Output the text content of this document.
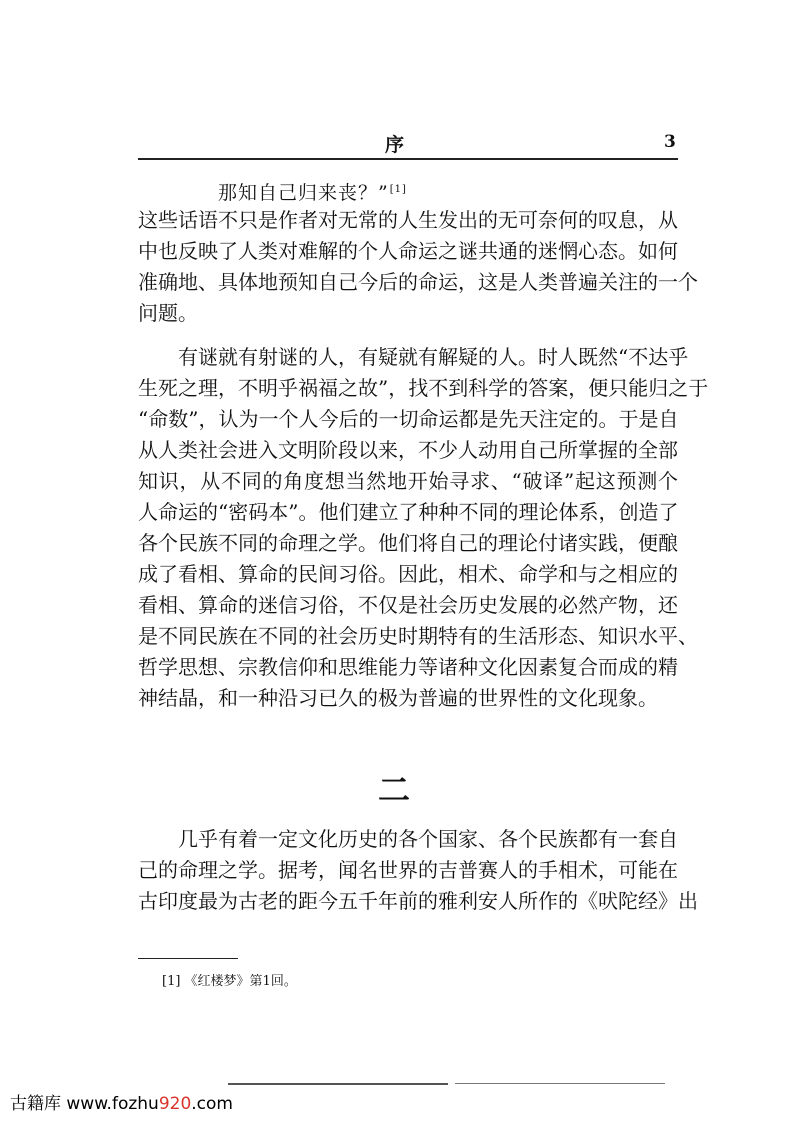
序	3
那知自己归来丧？”[1]
这些话语不只是作者对无常的人生发出的无可奈何的叹息，从
中也反映了人类对难解的个人命运之谜共通的迷惘心态。如何
准确地、具体地预知自己今后的命运，这是人类普遍关注的一个
问题。
有谜就有射谜的人，有疑就有解疑的人。时人既然“不达乎
生死之理，不明乎祸福之故”，找不到科学的答案，便只能归之于
“命数”，认为一个人今后的一切命运都是先天注定的。于是自
从人类社会进入文明阶段以来，不少人动用自己所掌握的全部
知识，从不同的角度想当然地开始寻求、“破译”起这预测个
人命运的“密码本”。他们建立了种种不同的理论体系，创造了
各个民族不同的命理之学。他们将自己的理论付诸实践，便酿
成了看相、算命的民间习俗。因此，相术、命学和与之相应的
看相、算命的迷信习俗，不仅是社会历史发展的必然产物，还
是不同民族在不同的社会历史时期特有的生活形态、知识水平、
哲学思想、宗教信仰和思维能力等诸种文化因素复合而成的精
神结晶，和一种沿习已久的极为普遍的世界性的文化现象。
二
几乎有着一定文化历史的各个国家、各个民族都有一套自
己的命理之学。据考，闻名世界的吉普赛人的手相术，可能在
古印度最为古老的距今五千年前的雅利安人所作的《吠陀经》出
[1] 《红楼梦》第1回。
古籍库 www.fozhu920.com
